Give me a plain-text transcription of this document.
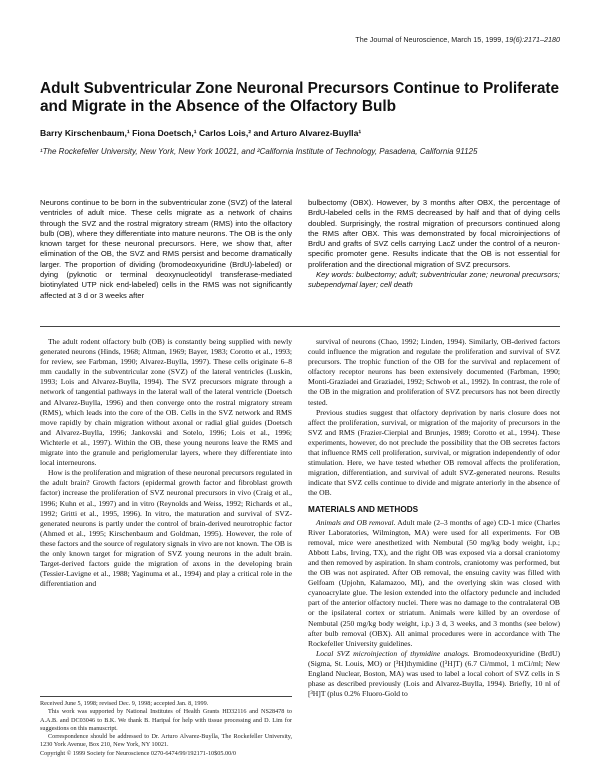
The Journal of Neuroscience, March 15, 1999, 19(6):2171–2180
Adult Subventricular Zone Neuronal Precursors Continue to Proliferate and Migrate in the Absence of the Olfactory Bulb
Barry Kirschenbaum,¹ Fiona Doetsch,¹ Carlos Lois,² and Arturo Alvarez-Buylla¹
¹The Rockefeller University, New York, New York 10021, and ²California Institute of Technology, Pasadena, California 91125

Neurons continue to be born in the subventricular zone (SVZ) of the lateral ventricles of adult mice. These cells migrate as a network of chains through the SVZ and the rostral migratory stream (RMS) into the olfactory bulb (OB), where they differentiate into mature neurons. The OB is the only known target for these neuronal precursors. Here, we show that, after elimination of the OB, the SVZ and RMS persist and become dramatically larger. The proportion of dividing (bromodeoxyuridine (BrdU)-labeled) or dying (pyknotic or terminal deoxynucleotidyl transferase-mediated biotinylated UTP nick end-labeled) cells in the RMS was not significantly affected at 3 d or 3 weeks after

bulbectomy (OBX). However, by 3 months after OBX, the percentage of BrdU-labeled cells in the RMS decreased by half and that of dying cells doubled. Surprisingly, the rostral migration of precursors continued along the RMS after OBX. This was demonstrated by focal microinjections of BrdU and grafts of SVZ cells carrying LacZ under the control of a neuron-specific promoter gene. Results indicate that the OB is not essential for proliferation and the directional migration of SVZ precursors.

Key words: bulbectomy; adult; subventricular zone; neuronal precursors; subependymal layer; cell death

The adult rodent olfactory bulb (OB) is constantly being supplied with newly generated neurons (Hinds, 1968; Altman, 1969; Bayer, 1983; Corotto et al., 1993; for review, see Farbman, 1990; Alvarez-Buylla, 1997). These cells originate 6–8 mm caudally in the subventricular zone (SVZ) of the lateral ventricles (Luskin, 1993; Lois and Alvarez-Buylla, 1994). The SVZ precursors migrate through a network of tangential pathways in the lateral wall of the lateral ventricle (Doetsch and Alvarez-Buylla, 1996) and then converge onto the rostral migratory stream (RMS), which leads into the core of the OB. Cells in the SVZ network and RMS move rapidly by chain migration without axonal or radial glial guides (Doetsch and Alvarez-Buylla, 1996; Jankovski and Sotelo, 1996; Lois et al., 1996; Wichterle et al., 1997). Within the OB, these young neurons leave the RMS and migrate into the granule and periglomerular layers, where they differentiate into local interneurons.

How is the proliferation and migration of these neuronal precursors regulated in the adult brain? Growth factors (epidermal growth factor and fibroblast growth factor) increase the proliferation of SVZ neuronal precursors in vivo (Craig et al., 1996; Kuhn et al., 1997) and in vitro (Reynolds and Weiss, 1992; Richards et al., 1992; Gritti et al., 1995, 1996). In vitro, the maturation and survival of SVZ-generated neurons is partly under the control of brain-derived neurotrophic factor (Ahmed et al., 1995; Kirschenbaum and Goldman, 1995). However, the role of these factors and the source of regulatory signals in vivo are not known. The OB is the only known target for migration of SVZ young neurons in the adult brain. Target-derived factors guide the migration of axons in the developing brain (Tessier-Lavigne et al., 1988; Yaginuma et al., 1994) and play a critical role in the differentiation and

survival of neurons (Chao, 1992; Linden, 1994). Similarly, OB-derived factors could influence the migration and regulate the proliferation and survival of SVZ precursors. The trophic function of the OB for the survival and replacement of olfactory receptor neurons has been extensively documented (Farbman, 1990; Monti-Graziadei and Graziadei, 1992; Schwob et al., 1992). In contrast, the role of the OB in the migration and proliferation of SVZ precursors has not been directly tested.

Previous studies suggest that olfactory deprivation by naris closure does not affect the proliferation, survival, or migration of the majority of precursors in the SVZ and RMS (Frazier-Cierpial and Brunjes, 1989; Corotto et al., 1994). These experiments, however, do not preclude the possibility that the OB secretes factors that influence RMS cell proliferation, survival, or migration independently of odor stimulation. Here, we have tested whether OB removal affects the proliferation, migration, differentiation, and survival of adult SVZ-generated neurons. Results indicate that SVZ cells continue to divide and migrate anteriorly in the absence of the OB.

MATERIALS AND METHODS

Animals and OB removal. Adult male (2–3 months of age) CD-1 mice (Charles River Laboratories, Wilmington, MA) were used for all experiments. For OB removal, mice were anesthetized with Nembutal (50 mg/kg body weight, i.p.; Abbott Labs, Irving, TX), and the right OB was exposed via a dorsal craniotomy and then removed by aspiration. In sham controls, craniotomy was performed, but the OB was not aspirated. After OB removal, the ensuing cavity was filled with Gelfoam (Upjohn, Kalamazoo, MI), and the overlying skin was closed with cyanoacrylate glue. The lesion extended into the olfactory peduncle and included part of the anterior olfactory nuclei. There was no damage to the contralateral OB or the ipsilateral cortex or striatum. Animals were killed by an overdose of Nembutal (250 mg/kg body weight, i.p.) 3 d, 3 weeks, and 3 months (see below) after bulb removal (OBX). All animal procedures were in accordance with The Rockefeller University guidelines.

Local SVZ microinjection of thymidine analogs. Bromodeoxyuridine (BrdU) (Sigma, St. Louis, MO) or [³H]thymidine ([³H]T) (6.7 Ci/mmol, 1 mCi/ml; New England Nuclear, Boston, MA) was used to label a local cohort of SVZ cells in S phase as described previously (Lois and Alvarez-Buylla, 1994). Briefly, 10 nl of [³H]T (plus 0.2% Fluoro-Gold to

Received June 5, 1998; revised Dec. 9, 1998; accepted Jan. 8, 1999.

This work was supported by National Institutes of Health Grants HD32116 and NS28478 to A.A.B. and DC03046 to B.K. We thank B. Haripal for help with tissue processing and D. Lim for suggestions on this manuscript.

Correspondence should be addressed to Dr. Arturo Alvarez-Buylla, The Rockefeller University, 1230 York Avenue, Box 210, New York, NY 10021.

Copyright © 1999 Society for Neuroscience 0270-6474/99/192171-10$05.00/0
